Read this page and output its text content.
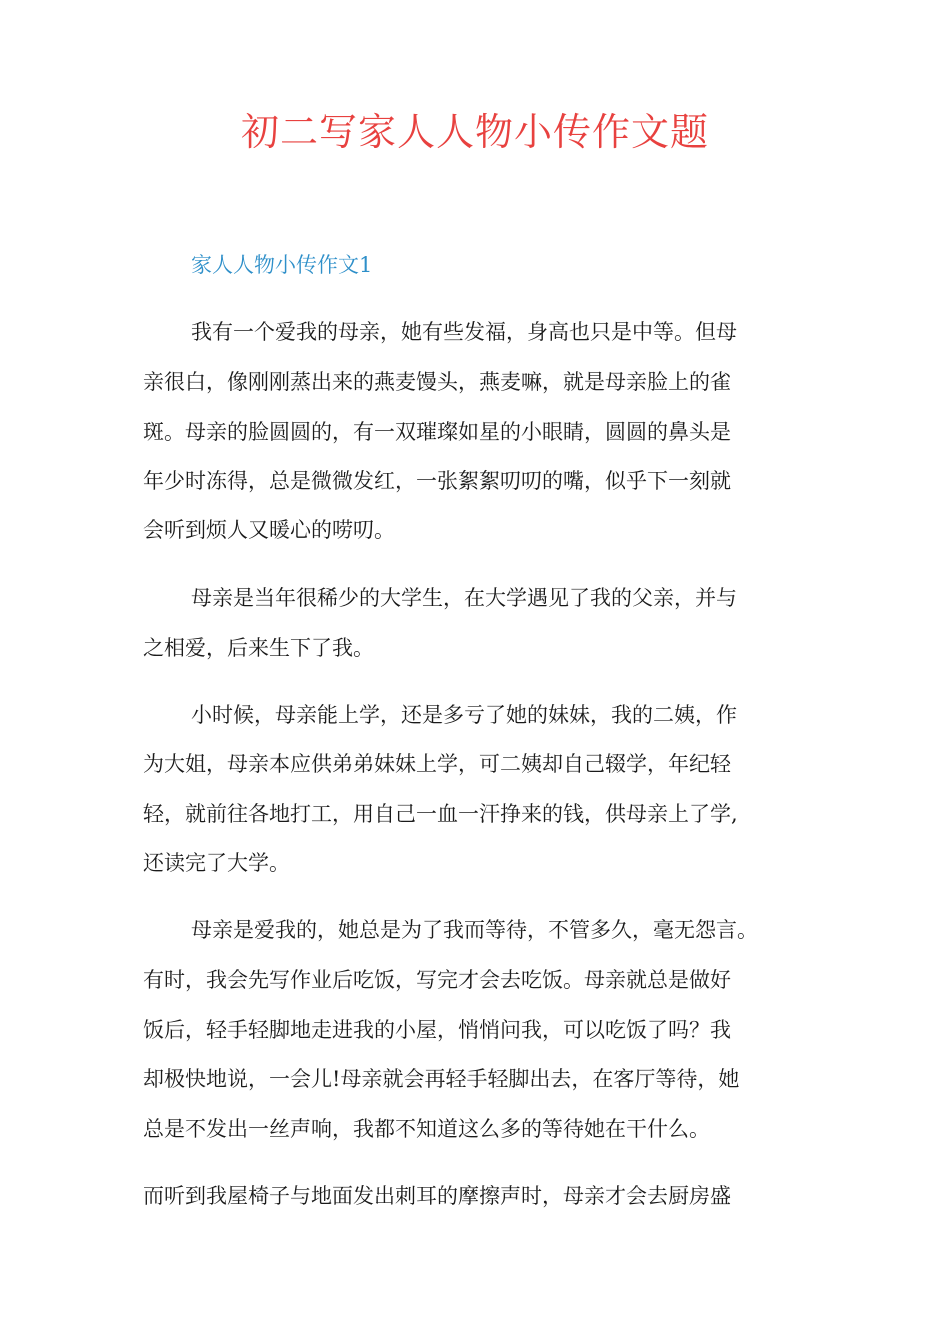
初二写家人人物小传作文题
家人人物小传作文1

我有一个爱我的母亲，她有些发福，身高也只是中等。但母

亲很白，像刚刚蒸出来的燕麦馒头，燕麦嘛，就是母亲脸上的雀

斑。母亲的脸圆圆的，有一双璀璨如星的小眼睛，圆圆的鼻头是

年少时冻得，总是微微发红，一张絮絮叨叨的嘴，似乎下一刻就

会听到烦人又暖心的唠叨。

母亲是当年很稀少的大学生，在大学遇见了我的父亲，并与

之相爱，后来生下了我。

小时候，母亲能上学，还是多亏了她的妹妹，我的二姨，作

为大姐，母亲本应供弟弟妹妹上学，可二姨却自己辍学，年纪轻

轻，就前往各地打工，用自己一血一汗挣来的钱，供母亲上了学,

还读完了大学。

母亲是爱我的，她总是为了我而等待，不管多久，毫无怨言。

有时，我会先写作业后吃饭，写完才会去吃饭。母亲就总是做好

饭后，轻手轻脚地走进我的小屋，悄悄问我，可以吃饭了吗？我

却极快地说，一会儿!母亲就会再轻手轻脚出去，在客厅等待，她

总是不发出一丝声响，我都不知道这么多的等待她在干什么。

而听到我屋椅子与地面发出刺耳的摩擦声时，母亲才会去厨房盛
